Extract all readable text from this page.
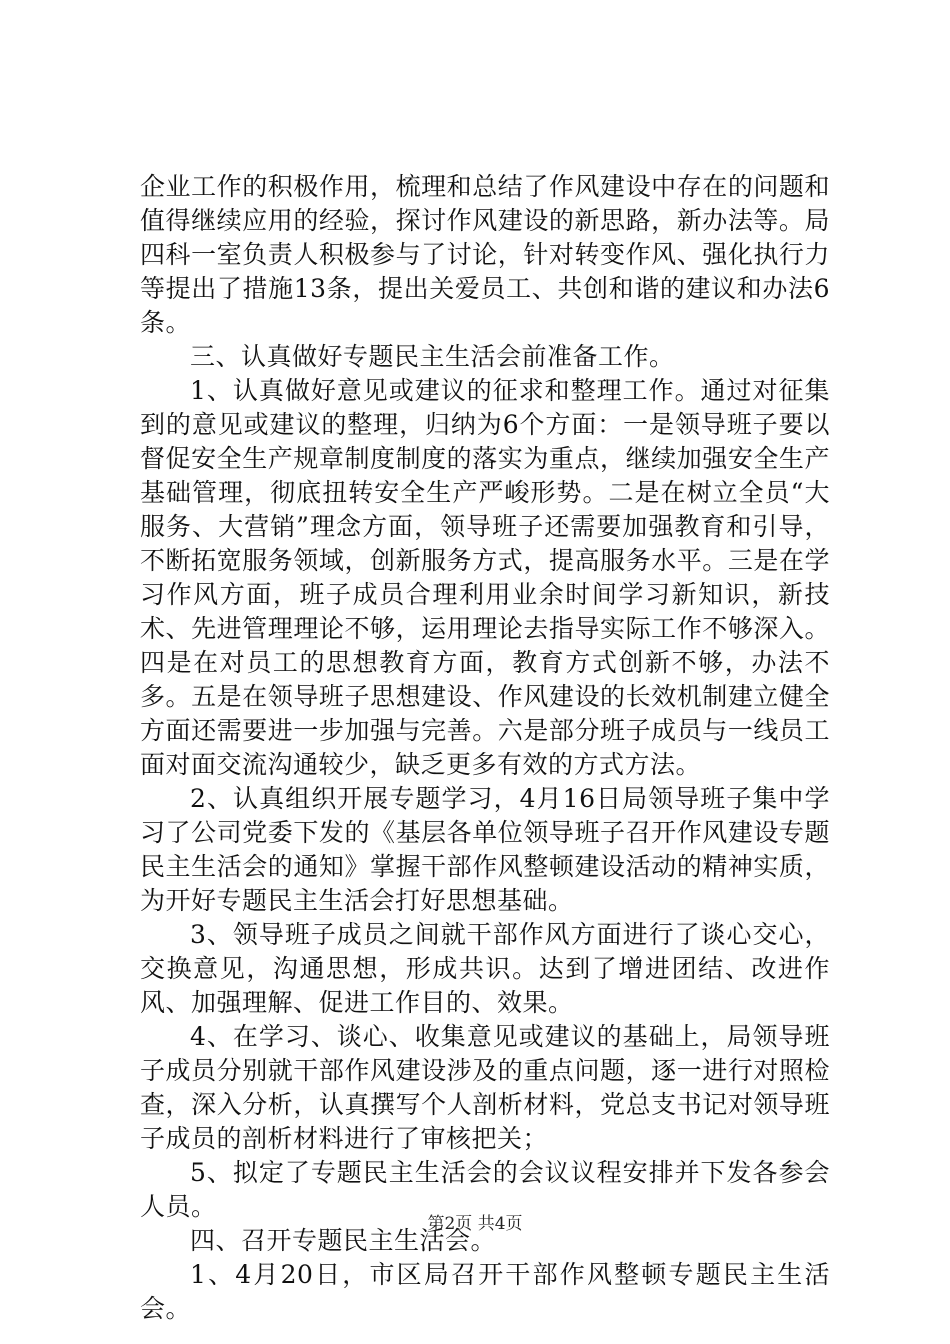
企业工作的积极作用，梳理和总结了作风建设中存在的问题和值得继续应用的经验，探讨作风建设的新思路，新办法等。局四科一室负责人积极参与了讨论，针对转变作风、强化执行力等提出了措施13条，提出关爱员工、共创和谐的建议和办法6条。

三、认真做好专题民主生活会前准备工作。

1、认真做好意见或建议的征求和整理工作。通过对征集到的意见或建议的整理，归纳为6个方面：一是领导班子要以督促安全生产规章制度制度的落实为重点，继续加强安全生产基础管理，彻底扭转安全生产严峻形势。二是在树立全员“大服务、大营销”理念方面，领导班子还需要加强教育和引导，不断拓宽服务领域，创新服务方式，提高服务水平。三是在学习作风方面，班子成员合理利用业余时间学习新知识，新技术、先进管理理论不够，运用理论去指导实际工作不够深入。四是在对员工的思想教育方面，教育方式创新不够，办法不多。五是在领导班子思想建设、作风建设的长效机制建立健全方面还需要进一步加强与完善。六是部分班子成员与一线员工面对面交流沟通较少，缺乏更多有效的方式方法。

2、认真组织开展专题学习，4月16日局领导班子集中学习了公司党委下发的《基层各单位领导班子召开作风建设专题民主生活会的通知》掌握干部作风整顿建设活动的精神实质，为开好专题民主生活会打好思想基础。

3、领导班子成员之间就干部作风方面进行了谈心交心，交换意见，沟通思想，形成共识。达到了增进团结、改进作风、加强理解、促进工作目的、效果。

4、在学习、谈心、收集意见或建议的基础上，局领导班子成员分别就干部作风建设涉及的重点问题，逐一进行对照检查，深入分析，认真撰写个人剖析材料，党总支书记对领导班子成员的剖析材料进行了审核把关；

5、拟定了专题民主生活会的会议议程安排并下发各参会人员。

四、召开专题民主生活会。

1、4月20日，市区局召开干部作风整顿专题民主生活会。

第2页 共4页
